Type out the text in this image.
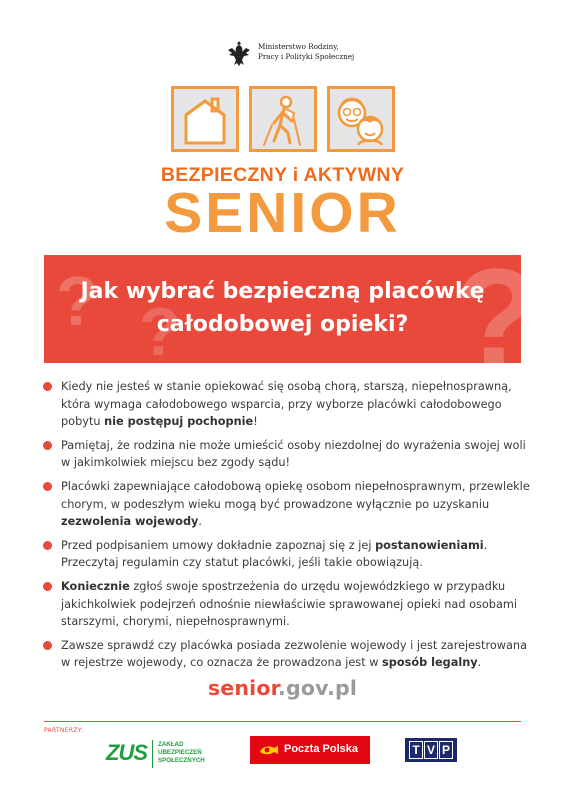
Ministerstwo Rodziny,
Pracy i Polityki Społecznej
BEZPIECZNY i AKTYWNY
SENIOR
? ? ?
Jak wybrać bezpieczną placówkę
całodobowej opieki?
Kiedy nie jesteś w stanie opiekować się osobą chorą, starszą, niepełnosprawną, która wymaga całodobowego wsparcia, przy wyborze placówki całodobowego pobytu nie postępuj pochopnie!
Pamiętaj, że rodzina nie może umieścić osoby niezdolnej do wyrażenia swojej woli w jakimkolwiek miejscu bez zgody sądu!
Placówki zapewniające całodobową opiekę osobom niepełnosprawnym, przewlekle chorym, w podeszłym wieku mogą być prowadzone wyłącznie po uzyskaniu zezwolenia wojewody.
Przed podpisaniem umowy dokładnie zapoznaj się z jej postanowieniami. Przeczytaj regulamin czy statut placówki, jeśli takie obowiązują.
Koniecznie zgłoś swoje spostrzeżenia do urzędu wojewódzkiego w przypadku jakichkolwiek podejrzeń odnośnie niewłaściwie sprawowanej opieki nad osobami starszymi, chorymi, niepełnosprawnymi.
Zawsze sprawdź czy placówka posiada zezwolenie wojewody i jest zarejestrowana w rejestrze wojewody, co oznacza że prowadzona jest w sposób legalny.
senior.gov.pl
PARTNERZY:
ZUS ZAKŁAD
UBEZPIECZEŃ
SPOŁECZNYCH
Poczta Polska	T V P
